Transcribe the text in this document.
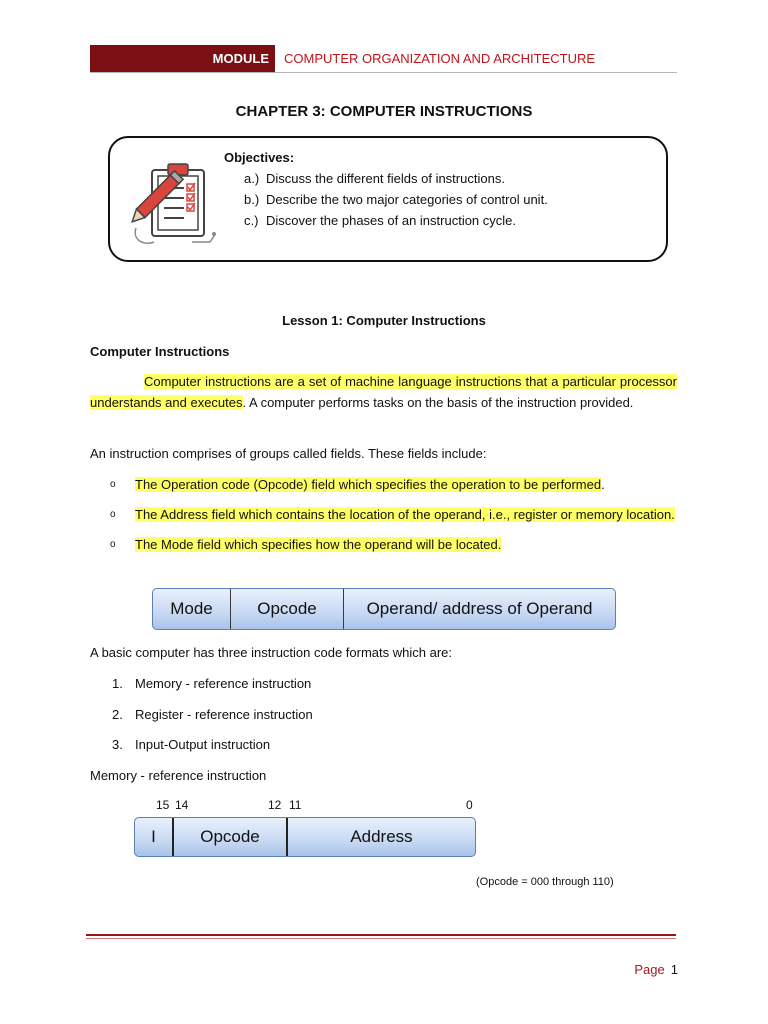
MODULE	COMPUTER ORGANIZATION AND ARCHITECTURE
CHAPTER 3: COMPUTER INSTRUCTIONS
Objectives:
a.) Discuss the different fields of instructions.
b.) Describe the two major categories of control unit.
c.) Discover the phases of an instruction cycle.
Lesson 1: Computer Instructions
Computer Instructions

Computer instructions are a set of machine language instructions that a particular processor understands and executes. A computer performs tasks on the basis of the instruction provided.

An instruction comprises of groups called fields. These fields include:
o The Operation code (Opcode) field which specifies the operation to be performed.
o The Address field which contains the location of the operand, i.e., register or memory location.
o The Mode field which specifies how the operand will be located.
Mode	Opcode	Operand/ address of Operand
A basic computer has three instruction code formats which are:
1. Memory - reference instruction
2. Register - reference instruction
3. Input-Output instruction
Memory - reference instruction
15 14	12 11	0
I	Opcode	Address
(Opcode = 000 through 110)
Page 1
